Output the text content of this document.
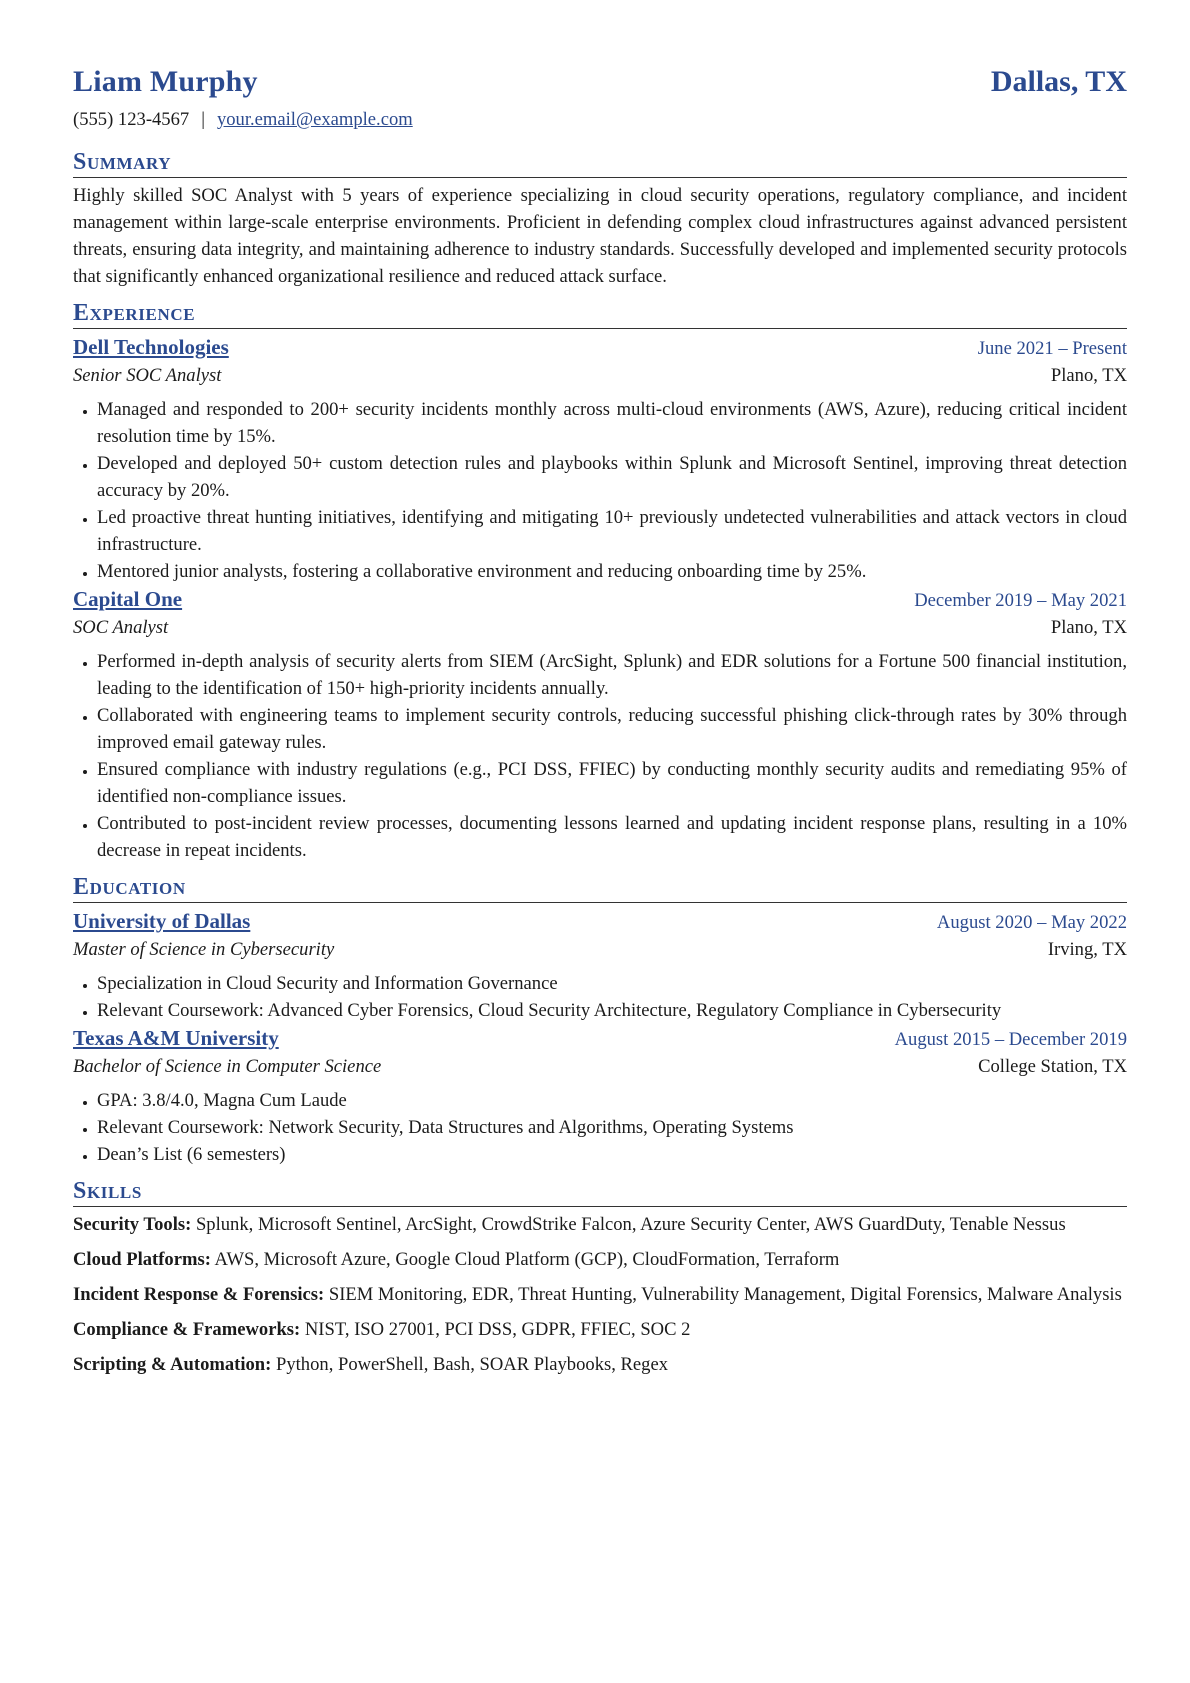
Liam Murphy	Dallas, TX
(555) 123-4567 | your.email@example.com
Summary
Highly skilled SOC Analyst with 5 years of experience specializing in cloud security operations, regulatory compliance, and incident management within large-scale enterprise environments. Proficient in defending complex cloud infrastructures against advanced persistent threats, ensuring data integrity, and maintaining adherence to industry standards. Successfully developed and implemented security protocols that significantly enhanced organizational resilience and reduced attack surface.
Experience
Dell Technologies	June 2021 – Present
Senior SOC Analyst	Plano, TX
• Managed and responded to 200+ security incidents monthly across multi-cloud environments (AWS, Azure), reducing critical incident resolution time by 15%.
• Developed and deployed 50+ custom detection rules and playbooks within Splunk and Microsoft Sentinel, improving threat detection accuracy by 20%.
• Led proactive threat hunting initiatives, identifying and mitigating 10+ previously undetected vulnerabilities and attack vectors in cloud infrastructure.
• Mentored junior analysts, fostering a collaborative environment and reducing onboarding time by 25%.
Capital One	December 2019 – May 2021
SOC Analyst	Plano, TX
• Performed in-depth analysis of security alerts from SIEM (ArcSight, Splunk) and EDR solutions for a Fortune 500 financial institution, leading to the identification of 150+ high-priority incidents annually.
• Collaborated with engineering teams to implement security controls, reducing successful phishing click-through rates by 30% through improved email gateway rules.
• Ensured compliance with industry regulations (e.g., PCI DSS, FFIEC) by conducting monthly security audits and remediating 95% of identified non-compliance issues.
• Contributed to post-incident review processes, documenting lessons learned and updating incident response plans, resulting in a 10% decrease in repeat incidents.
Education
University of Dallas	August 2020 – May 2022
Master of Science in Cybersecurity	Irving, TX
• Specialization in Cloud Security and Information Governance
• Relevant Coursework: Advanced Cyber Forensics, Cloud Security Architecture, Regulatory Compliance in Cybersecurity
Texas A&M University	August 2015 – December 2019
Bachelor of Science in Computer Science	College Station, TX
• GPA: 3.8/4.0, Magna Cum Laude
• Relevant Coursework: Network Security, Data Structures and Algorithms, Operating Systems
• Dean’s List (6 semesters)
Skills
Security Tools: Splunk, Microsoft Sentinel, ArcSight, CrowdStrike Falcon, Azure Security Center, AWS GuardDuty, Tenable Nessus
Cloud Platforms: AWS, Microsoft Azure, Google Cloud Platform (GCP), CloudFormation, Terraform
Incident Response & Forensics: SIEM Monitoring, EDR, Threat Hunting, Vulnerability Management, Digital Forensics, Malware Analysis
Compliance & Frameworks: NIST, ISO 27001, PCI DSS, GDPR, FFIEC, SOC 2
Scripting & Automation: Python, PowerShell, Bash, SOAR Playbooks, Regex
